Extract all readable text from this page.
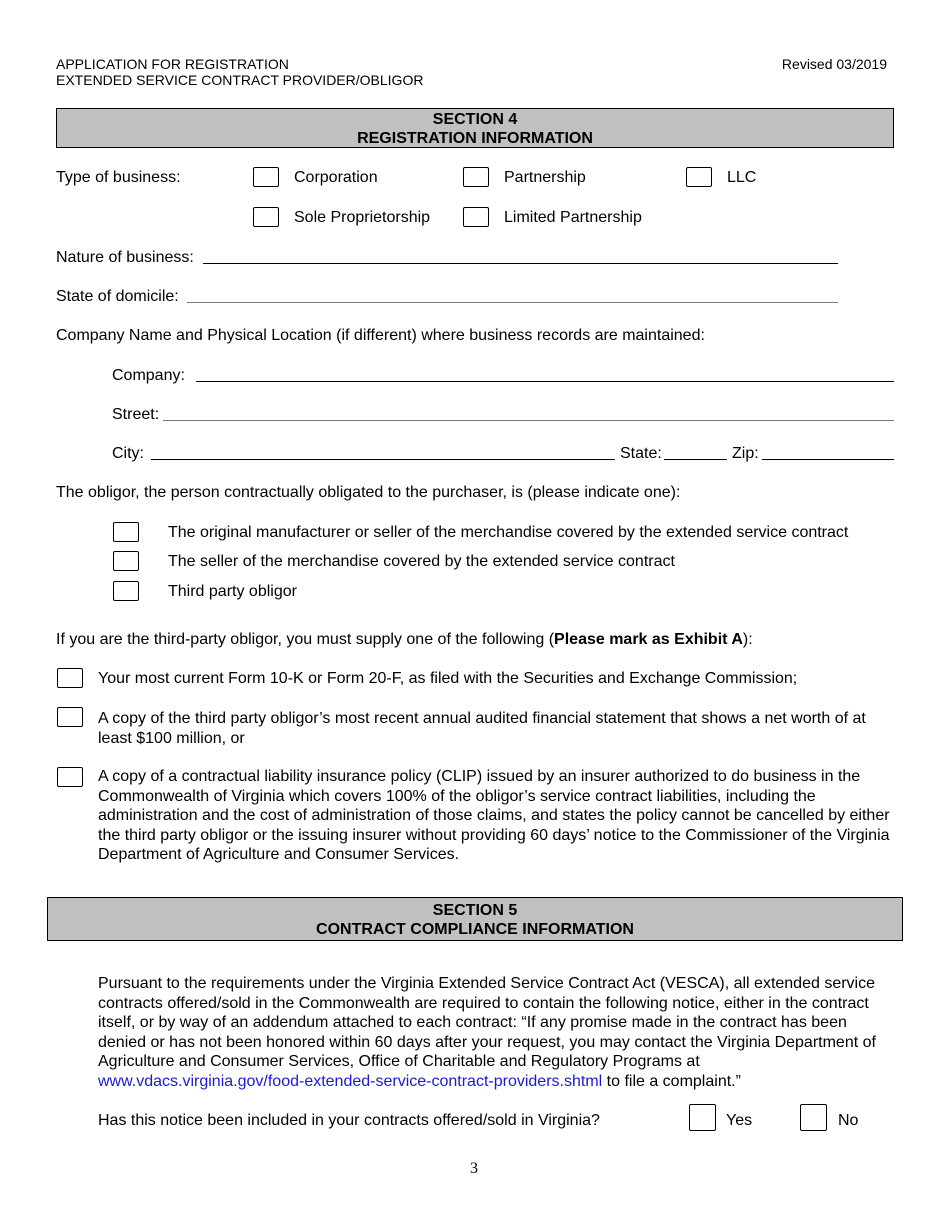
APPLICATION FOR REGISTRATION
EXTENDED SERVICE CONTRACT PROVIDER/OBLIGOR
Revised 03/2019
SECTION 4
REGISTRATION INFORMATION
Type of business:	Corporation	Partnership	LLC
Sole Proprietorship	Limited Partnership
Nature of business:
State of domicile:
Company Name and Physical Location (if different) where business records are maintained:
Company:
Street:
City:	State:	Zip:
The obligor, the person contractually obligated to the purchaser, is (please indicate one):
The original manufacturer or seller of the merchandise covered by the extended service contract
The seller of the merchandise covered by the extended service contract
Third party obligor
If you are the third-party obligor, you must supply one of the following (Please mark as Exhibit A):
Your most current Form 10-K or Form 20-F, as filed with the Securities and Exchange Commission;
A copy of the third party obligor’s most recent annual audited financial statement that shows a net worth of at least $100 million, or
A copy of a contractual liability insurance policy (CLIP) issued by an insurer authorized to do business in the Commonwealth of Virginia which covers 100% of the obligor’s service contract liabilities, including the administration and the cost of administration of those claims, and states the policy cannot be cancelled by either the third party obligor or the issuing insurer without providing 60 days’ notice to the Commissioner of the Virginia Department of Agriculture and Consumer Services.
SECTION 5
CONTRACT COMPLIANCE INFORMATION
Pursuant to the requirements under the Virginia Extended Service Contract Act (VESCA), all extended service contracts offered/sold in the Commonwealth are required to contain the following notice, either in the contract itself, or by way of an addendum attached to each contract: “If any promise made in the contract has been denied or has not been honored within 60 days after your request, you may contact the Virginia Department of Agriculture and Consumer Services, Office of Charitable and Regulatory Programs at www.vdacs.virginia.gov/food-extended-service-contract-providers.shtml to file a complaint.”
Has this notice been included in your contracts offered/sold in Virginia?	Yes	No
3
